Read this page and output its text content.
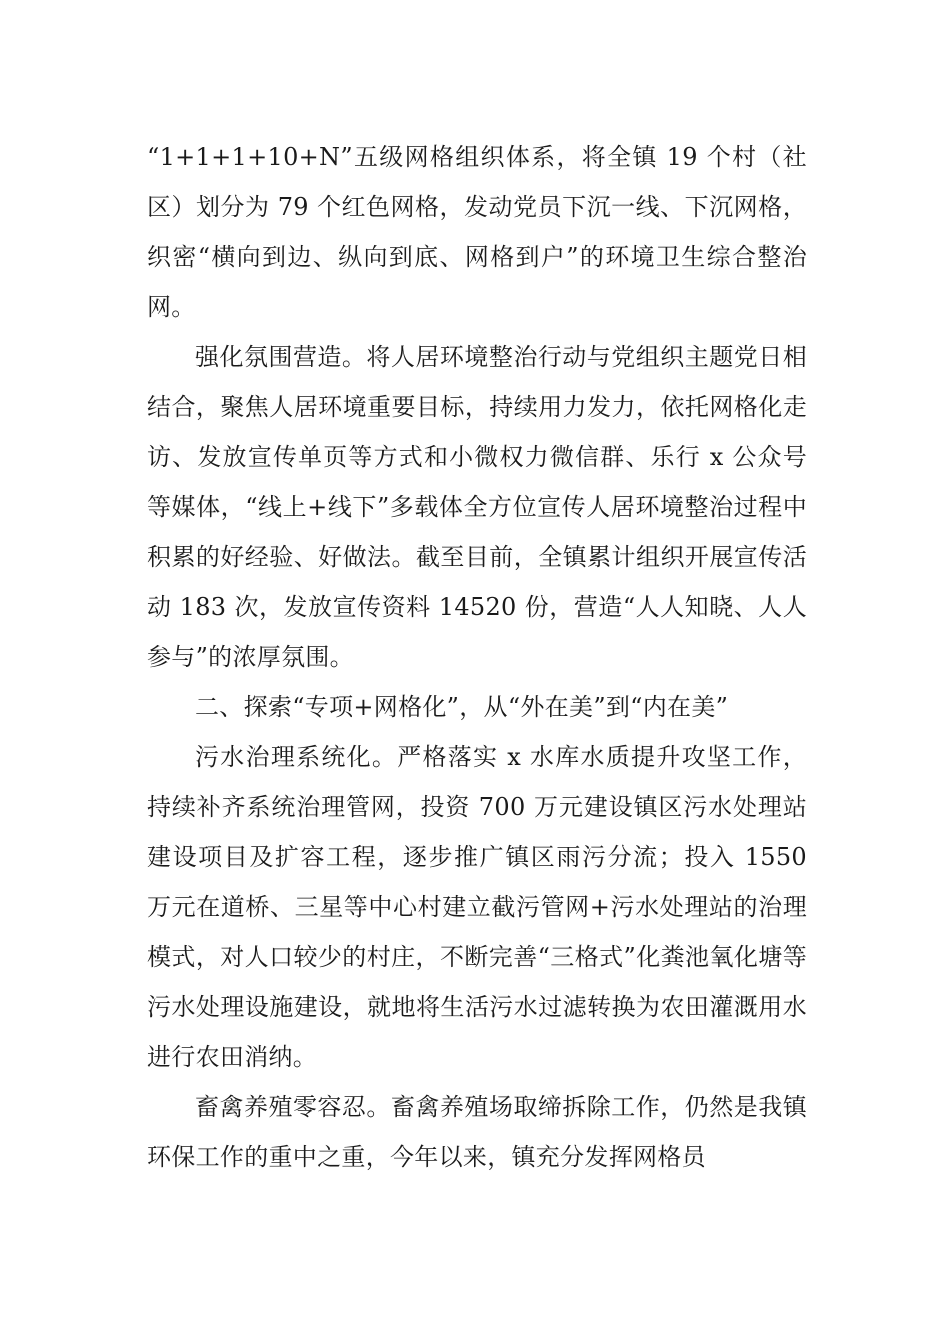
“1+1+1+10+N”五级网格组织体系，将全镇 19 个村（社区）划分为 79 个红色网格，发动党员下沉一线、下沉网格，织密“横向到边、纵向到底、网格到户”的环境卫生综合整治网。

强化氛围营造。将人居环境整治行动与党组织主题党日相结合，聚焦人居环境重要目标，持续用力发力，依托网格化走访、发放宣传单页等方式和小微权力微信群、乐行 x 公众号等媒体，“线上+线下”多载体全方位宣传人居环境整治过程中积累的好经验、好做法。截至目前，全镇累计组织开展宣传活动 183 次，发放宣传资料 14520 份，营造“人人知晓、人人参与”的浓厚氛围。

二、探索“专项+网格化”，从“外在美”到“内在美”

污水治理系统化。严格落实 x 水库水质提升攻坚工作，持续补齐系统治理管网，投资 700 万元建设镇区污水处理站建设项目及扩容工程，逐步推广镇区雨污分流；投入 1550 万元在道桥、三星等中心村建立截污管网+污水处理站的治理模式，对人口较少的村庄，不断完善“三格式”化粪池氧化塘等污水处理设施建设，就地将生活污水过滤转换为农田灌溉用水进行农田消纳。

畜禽养殖零容忍。畜禽养殖场取缔拆除工作，仍然是我镇环保工作的重中之重，今年以来，镇充分发挥网格员
